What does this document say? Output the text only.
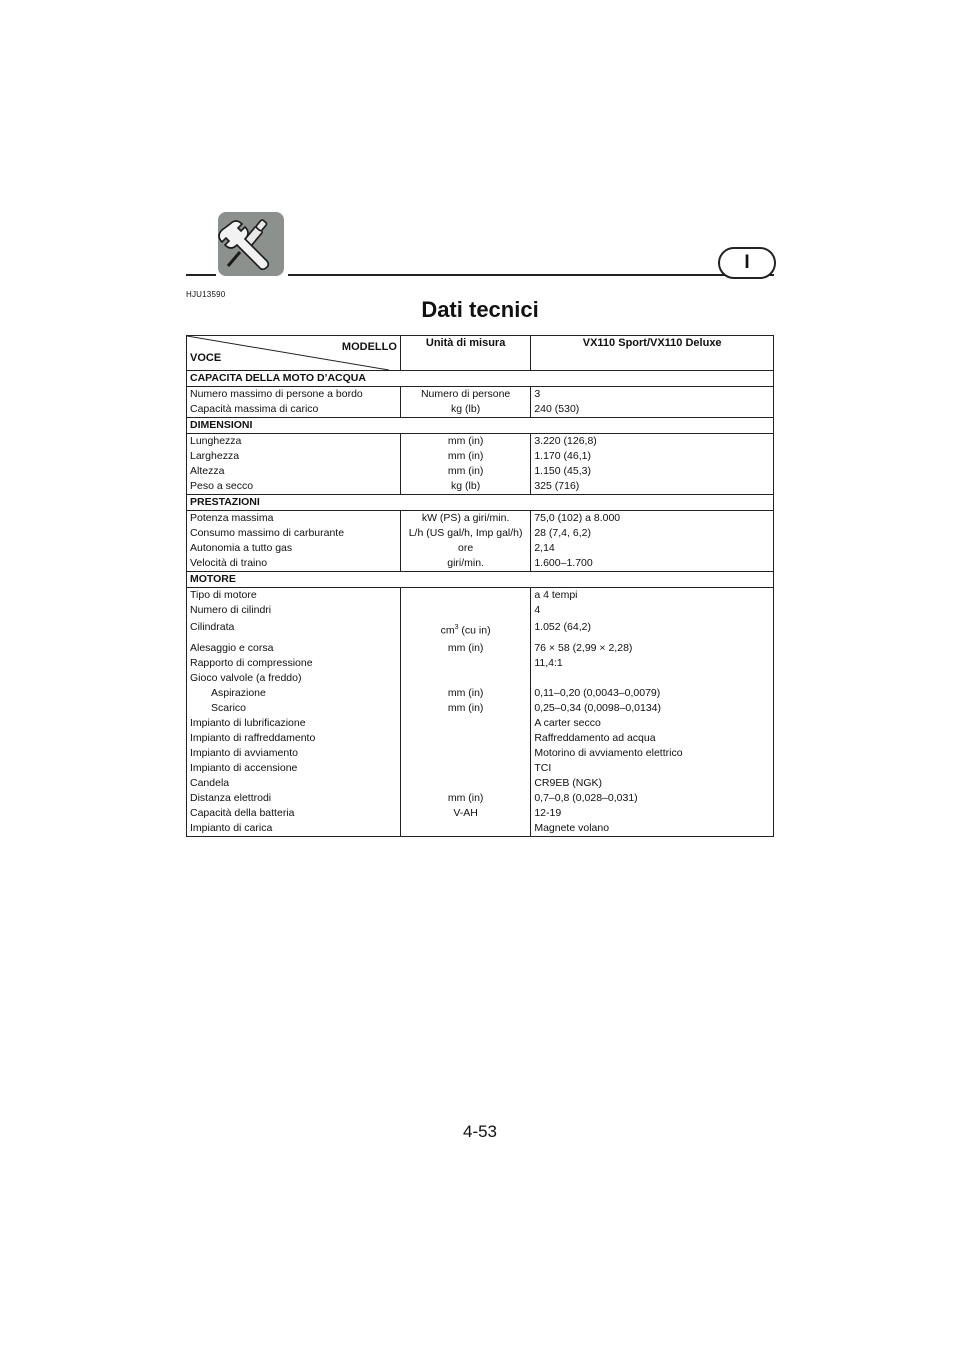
I
HJU13590
Dati tecnici
MODELLO
VOCE	Unità di misura	VX110 Sport/VX110 Deluxe
CAPACITA DELLA MOTO D’ACQUA		
Numero massimo di persone a bordo	Numero di persone	3
Capacità massima di carico	kg (lb)	240 (530)
DIMENSIONI		
Lunghezza	mm (in)	3.220 (126,8)
Larghezza	mm (in)	1.170 (46,1)
Altezza	mm (in)	1.150 (45,3)
Peso a secco	kg (lb)	325 (716)
PRESTAZIONI		
Potenza massima	kW (PS) a giri/min.	75,0 (102) a 8.000
Consumo massimo di carburante	L/h (US gal/h, Imp gal/h)	28 (7,4, 6,2)
Autonomia a tutto gas	ore	2,14
Velocità di traino	giri/min.	1.600–1.700
MOTORE		
Tipo di motore		a 4 tempi
Numero di cilindri		4
Cilindrata	$cm^3$ (cu in)	1.052 (64,2)
Alesaggio e corsa	mm (in)	76 × 58 (2,99 × 2,28)
Rapporto di compressione		11,4:1
Gioco valvole (a freddo)		
Aspirazione	mm (in)	0,11–0,20 (0,0043–0,0079)
Scarico	mm (in)	0,25–0,34 (0,0098–0,0134)
Impianto di lubrificazione		A carter secco
Impianto di raffreddamento		Raffreddamento ad acqua
Impianto di avviamento		Motorino di avviamento elettrico
Impianto di accensione		TCI
Candela		CR9EB (NGK)
Distanza elettrodi	mm (in)	0,7–0,8 (0,028–0,031)
Capacità della batteria	V-AH	12-19
Impianto di carica		Magnete volano
4-53
